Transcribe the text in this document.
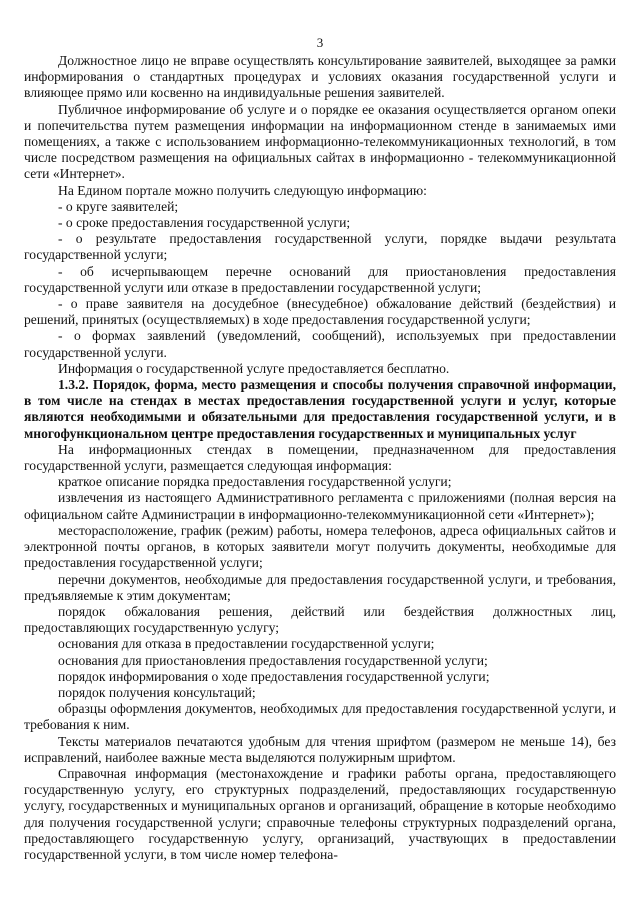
3

Должностное лицо не вправе осуществлять консультирование заявителей, выходящее за рамки информирования о стандартных процедурах и условиях оказания государственной услуги и влияющее прямо или косвенно на индивидуальные решения заявителей.

Публичное информирование об услуге и о порядке ее оказания осуществляется органом опеки и попечительства путем размещения информации на информационном стенде в занимаемых ими помещениях, а также с использованием информационно-телекоммуникационных технологий, в том числе посредством размещения на официальных сайтах в информационно - телекоммуникационной сети «Интернет».

На Едином портале можно получить следующую информацию:

- о круге заявителей;

- о сроке предоставления государственной услуги;

- о результате предоставления государственной услуги, порядке выдачи результата государственной услуги;

- об исчерпывающем перечне оснований для приостановления предоставления государственной услуги или отказе в предоставлении государственной услуги;

- о праве заявителя на досудебное (внесудебное) обжалование действий (бездействия) и решений, принятых (осуществляемых) в ходе предоставления государственной услуги;

- о формах заявлений (уведомлений, сообщений), используемых при предоставлении государственной услуги.

Информация о государственной услуге предоставляется бесплатно.

1.3.2. Порядок, форма, место размещения и способы получения справочной информации, в том числе на стендах в местах предоставления государственной услуги и услуг, которые являются необходимыми и обязательными для предоставления государственной услуги, и в многофункциональном центре предоставления государственных и муниципальных услуг

На информационных стендах в помещении, предназначенном для предоставления государственной услуги, размещается следующая информация:

краткое описание порядка предоставления государственной услуги;

извлечения из настоящего Административного регламента с приложениями (полная версия на официальном сайте Администрации в информационно-телекоммуникационной сети «Интернет»);

месторасположение, график (режим) работы, номера телефонов, адреса официальных сайтов и электронной почты органов, в которых заявители могут получить документы, необходимые для предоставления государственной услуги;

перечни документов, необходимые для предоставления государственной услуги, и требования, предъявляемые к этим документам;

порядок обжалования решения, действий или бездействия должностных лиц, предоставляющих государственную услугу;

основания для отказа в предоставлении государственной услуги;

основания для приостановления предоставления государственной услуги;

порядок информирования о ходе предоставления государственной услуги;

порядок получения консультаций;

образцы оформления документов, необходимых для предоставления государственной услуги, и требования к ним.

Тексты материалов печатаются удобным для чтения шрифтом (размером не меньше 14), без исправлений, наиболее важные места выделяются полужирным шрифтом.

Справочная информация (местонахождение и графики работы органа, предоставляющего государственную услугу, его структурных подразделений, предоставляющих государственную услугу, государственных и муниципальных органов и организаций, обращение в которые необходимо для получения государственной услуги; справочные телефоны структурных подразделений органа, предоставляющего государственную услугу, организаций, участвующих в предоставлении государственной услуги, в том числе номер телефона-
